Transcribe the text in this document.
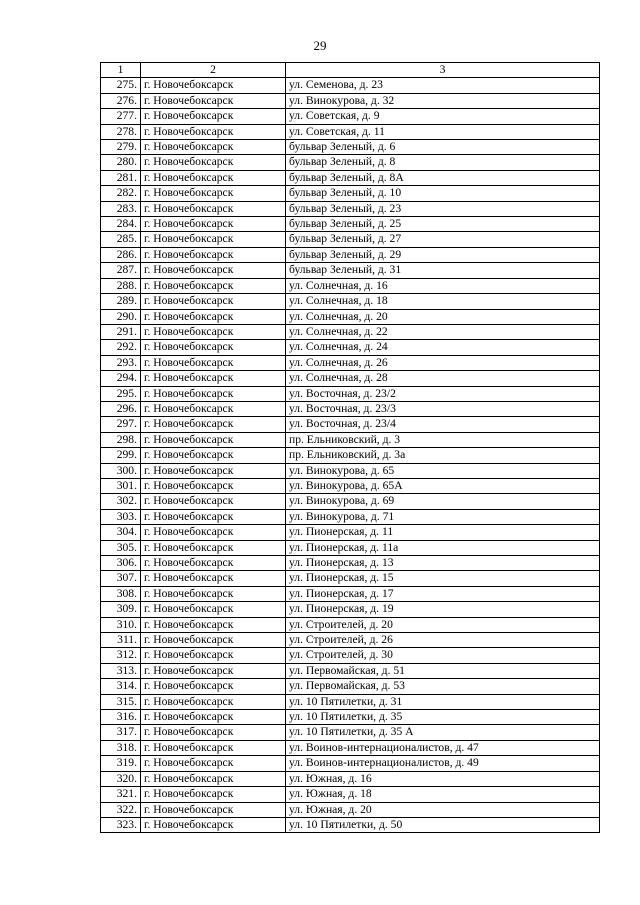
29
1	2	3
275.	г. Новочебоксарск	ул. Семенова, д. 23
276.	г. Новочебоксарск	ул. Винокурова, д. 32
277.	г. Новочебоксарск	ул. Советская, д. 9
278.	г. Новочебоксарск	ул. Советская, д. 11
279.	г. Новочебоксарск	бульвар Зеленый, д. 6
280.	г. Новочебоксарск	бульвар Зеленый, д. 8
281.	г. Новочебоксарск	бульвар Зеленый, д. 8А
282.	г. Новочебоксарск	бульвар Зеленый, д. 10
283.	г. Новочебоксарск	бульвар Зеленый, д. 23
284.	г. Новочебоксарск	бульвар Зеленый, д. 25
285.	г. Новочебоксарск	бульвар Зеленый, д. 27
286.	г. Новочебоксарск	бульвар Зеленый, д. 29
287.	г. Новочебоксарск	бульвар Зеленый, д. 31
288.	г. Новочебоксарск	ул. Солнечная, д. 16
289.	г. Новочебоксарск	ул. Солнечная, д. 18
290.	г. Новочебоксарск	ул. Солнечная, д. 20
291.	г. Новочебоксарск	ул. Солнечная, д. 22
292.	г. Новочебоксарск	ул. Солнечная, д. 24
293.	г. Новочебоксарск	ул. Солнечная, д. 26
294.	г. Новочебоксарск	ул. Солнечная, д. 28
295.	г. Новочебоксарск	ул. Восточная, д. 23/2
296.	г. Новочебоксарск	ул. Восточная, д. 23/3
297.	г. Новочебоксарск	ул. Восточная, д. 23/4
298.	г. Новочебоксарск	пр. Ельниковский, д. 3
299.	г. Новочебоксарск	пр. Ельниковский, д. 3а
300.	г. Новочебоксарск	ул. Винокурова, д. 65
301.	г. Новочебоксарск	ул. Винокурова, д. 65А
302.	г. Новочебоксарск	ул. Винокурова, д. 69
303.	г. Новочебоксарск	ул. Винокурова, д. 71
304.	г. Новочебоксарск	ул. Пионерская, д. 11
305.	г. Новочебоксарск	ул. Пионерская, д. 11а
306.	г. Новочебоксарск	ул. Пионерская, д. 13
307.	г. Новочебоксарск	ул. Пионерская, д. 15
308.	г. Новочебоксарск	ул. Пионерская, д. 17
309.	г. Новочебоксарск	ул. Пионерская, д. 19
310.	г. Новочебоксарск	ул. Строителей, д. 20
311.	г. Новочебоксарск	ул. Строителей, д. 26
312.	г. Новочебоксарск	ул. Строителей, д. 30
313.	г. Новочебоксарск	ул. Первомайская, д. 51
314.	г. Новочебоксарск	ул. Первомайская, д. 53
315.	г. Новочебоксарск	ул. 10 Пятилетки, д. 31
316.	г. Новочебоксарск	ул. 10 Пятилетки, д. 35
317.	г. Новочебоксарск	ул. 10 Пятилетки, д. 35 А
318.	г. Новочебоксарск	ул. Воинов-интернационалистов, д. 47
319.	г. Новочебоксарск	ул. Воинов-интернационалистов, д. 49
320.	г. Новочебоксарск	ул. Южная, д. 16
321.	г. Новочебоксарск	ул. Южная, д. 18
322.	г. Новочебоксарск	ул. Южная, д. 20
323.	г. Новочебоксарск	ул. 10 Пятилетки, д. 50
